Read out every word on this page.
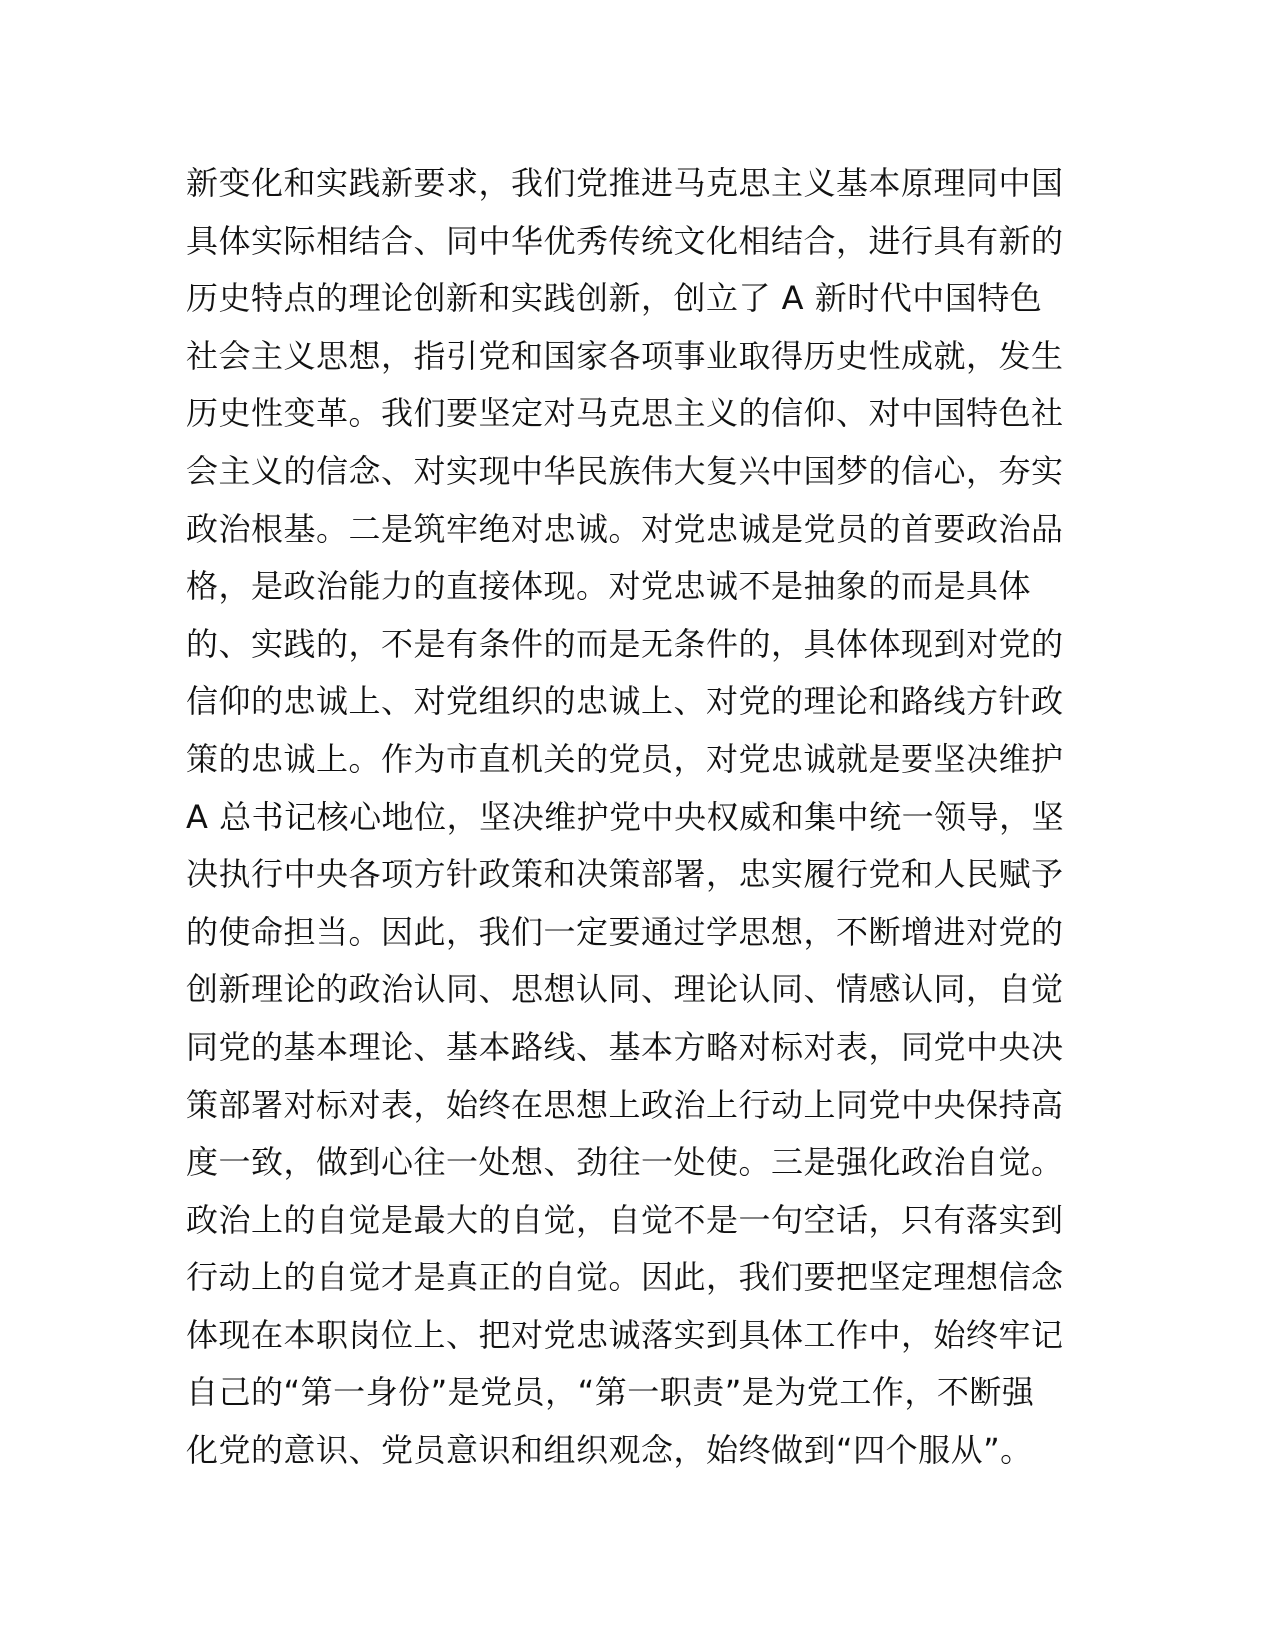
新变化和实践新要求，我们党推进马克思主义基本原理同中国
具体实际相结合、同中华优秀传统文化相结合，进行具有新的
历史特点的理论创新和实践创新，创立了 A 新时代中国特色
社会主义思想，指引党和国家各项事业取得历史性成就，发生
历史性变革。我们要坚定对马克思主义的信仰、对中国特色社
会主义的信念、对实现中华民族伟大复兴中国梦的信心，夯实
政治根基。二是筑牢绝对忠诚。对党忠诚是党员的首要政治品
格，是政治能力的直接体现。对党忠诚不是抽象的而是具体
的、实践的，不是有条件的而是无条件的，具体体现到对党的
信仰的忠诚上、对党组织的忠诚上、对党的理论和路线方针政
策的忠诚上。作为市直机关的党员，对党忠诚就是要坚决维护
A 总书记核心地位，坚决维护党中央权威和集中统一领导，坚
决执行中央各项方针政策和决策部署，忠实履行党和人民赋予
的使命担当。因此，我们一定要通过学思想，不断增进对党的
创新理论的政治认同、思想认同、理论认同、情感认同，自觉
同党的基本理论、基本路线、基本方略对标对表，同党中央决
策部署对标对表，始终在思想上政治上行动上同党中央保持高
度一致，做到心往一处想、劲往一处使。三是强化政治自觉。
政治上的自觉是最大的自觉，自觉不是一句空话，只有落实到
行动上的自觉才是真正的自觉。因此，我们要把坚定理想信念
体现在本职岗位上、把对党忠诚落实到具体工作中，始终牢记
自己的“第一身份”是党员，“第一职责”是为党工作，不断强
化党的意识、党员意识和组织观念，始终做到“四个服从”。
